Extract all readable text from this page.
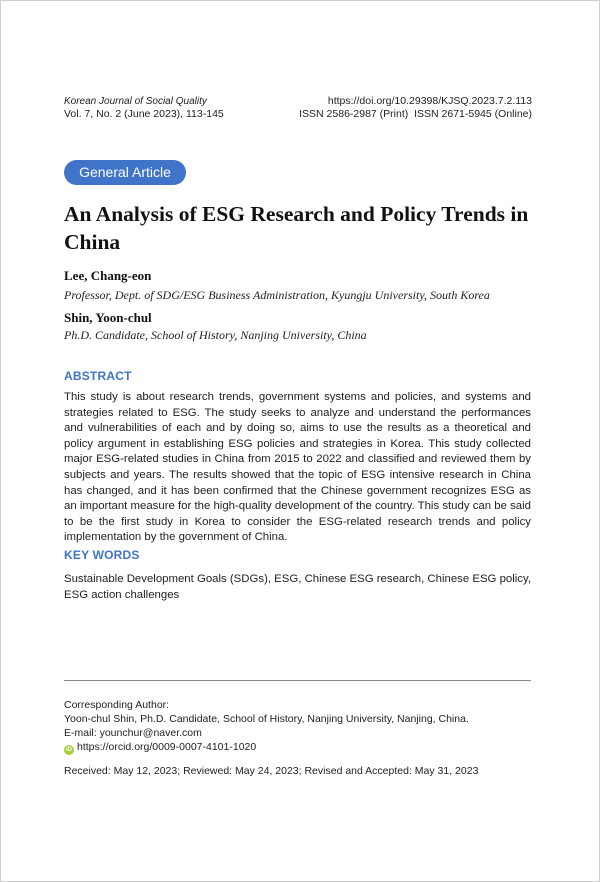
Korean Journal of Social Quality
Vol. 7, No. 2 (June 2023), 113-145
https://doi.org/10.29398/KJSQ.2023.7.2.113
ISSN 2586-2987 (Print)  ISSN 2671-5945 (Online)
General Article
An Analysis of ESG Research and Policy Trends in China
Lee, Chang-eon
Professor, Dept. of SDG/ESG Business Administration, Kyungju University, South Korea
Shin, Yoon-chul
Ph.D. Candidate, School of History, Nanjing University, China
ABSTRACT
This study is about research trends, government systems and policies, and systems and strategies related to ESG. The study seeks to analyze and understand the performances and vulnerabilities of each and by doing so, aims to use the results as a theoretical and policy argument in establishing ESG policies and strategies in Korea. This study collected major ESG-related studies in China from 2015 to 2022 and classified and reviewed them by subjects and years. The results showed that the topic of ESG intensive research in China has changed, and it has been confirmed that the Chinese government recognizes ESG as an important measure for the high-quality development of the country. This study can be said to be the first study in Korea to consider the ESG-related research trends and policy implementation by the government of China.
KEY WORDS
Sustainable Development Goals (SDGs), ESG, Chinese ESG research, Chinese ESG policy, ESG action challenges
Corresponding Author:
Yoon-chul Shin, Ph.D. Candidate, School of History, Nanjing University, Nanjing, China.
E-mail: younchur@naver.com
iD https://orcid.org/0009-0007-4101-1020
Received: May 12, 2023; Reviewed: May 24, 2023; Revised and Accepted: May 31, 2023
